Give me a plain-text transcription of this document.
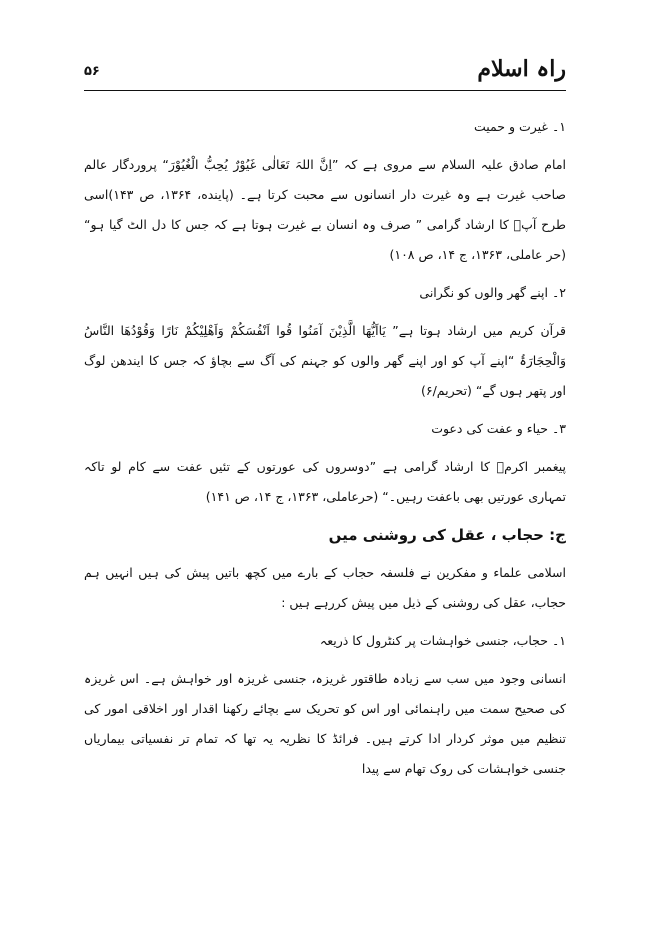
راہ اسلام
۵۶

۱۔ غیرت و حمیت

امام صادق علیہ السلام سے مروی ہے کہ ”اِنَّ اللہَ تَعَالٰی غَیُوْرٌ یُحِبُّ الْغُیُوْرَ“ پروردگار عالم صاحب غیرت ہے وہ غیرت دار انسانوں سے محبت کرتا ہے۔ (پاینده، ۱۳۶۴، ص ۱۴۳)اسی طرح آپؑ کا ارشاد گرامی ” صرف وہ انسان بے غیرت ہوتا ہے کہ جس کا دل الٹ گیا ہو“ (حر عاملی، ۱۳۶۳، ج ۱۴، ص ۱۰۸)

۲۔ اپنے گھر والوں کو نگرانی

قرآن کریم میں ارشاد ہوتا ہے” یَااَیُّھَا الَّذِیْنَ آمَنُوا قُوا اَنْفُسَکُمْ وَاَھْلِیْکُمْ نَارًا وَقُوْدُھَا النَّاسُ وَالْحِجَارَۃُ “اپنے آپ کو اور اپنے گھر والوں کو جہنم کی آگ سے بچاؤ کہ جس کا ایندھن لوگ اور پتھر ہوں گے“ (تحریم/۶)

۳۔ حیاء و عفت کی دعوت

پیغمبر اکرمؐ کا ارشاد گرامی ہے ”دوسروں کی عورتوں کے تئیں عفت سے کام لو تاکہ تمہاری عورتیں بھی باعفت رہیں۔“ (حرعاملی، ۱۳۶۳، ج ۱۴، ص ۱۴۱)

ج: حجاب ، عقل کی روشنی میں

اسلامی علماء و مفکرین نے فلسفہ حجاب کے بارے میں کچھ باتیں پیش کی ہیں انہیں ہم حجاب، عقل کی روشنی کے ذیل میں پیش کررہے ہیں :

۱۔ حجاب، جنسی خواہشات پر کنٹرول کا ذریعہ

انسانی وجود میں سب سے زیادہ طاقتور غریزہ، جنسی غریزہ اور خواہش ہے۔ اس غریزہ کی صحیح سمت میں راہنمائی اور اس کو تحریک سے بچائے رکھنا اقدار اور اخلاقی امور کی تنظیم میں موثر کردار ادا کرتے ہیں۔ فرائڈ کا نظریہ یہ تھا کہ تمام تر نفسیاتی بیماریاں جنسی خواہشات کی روک تھام سے پیدا
